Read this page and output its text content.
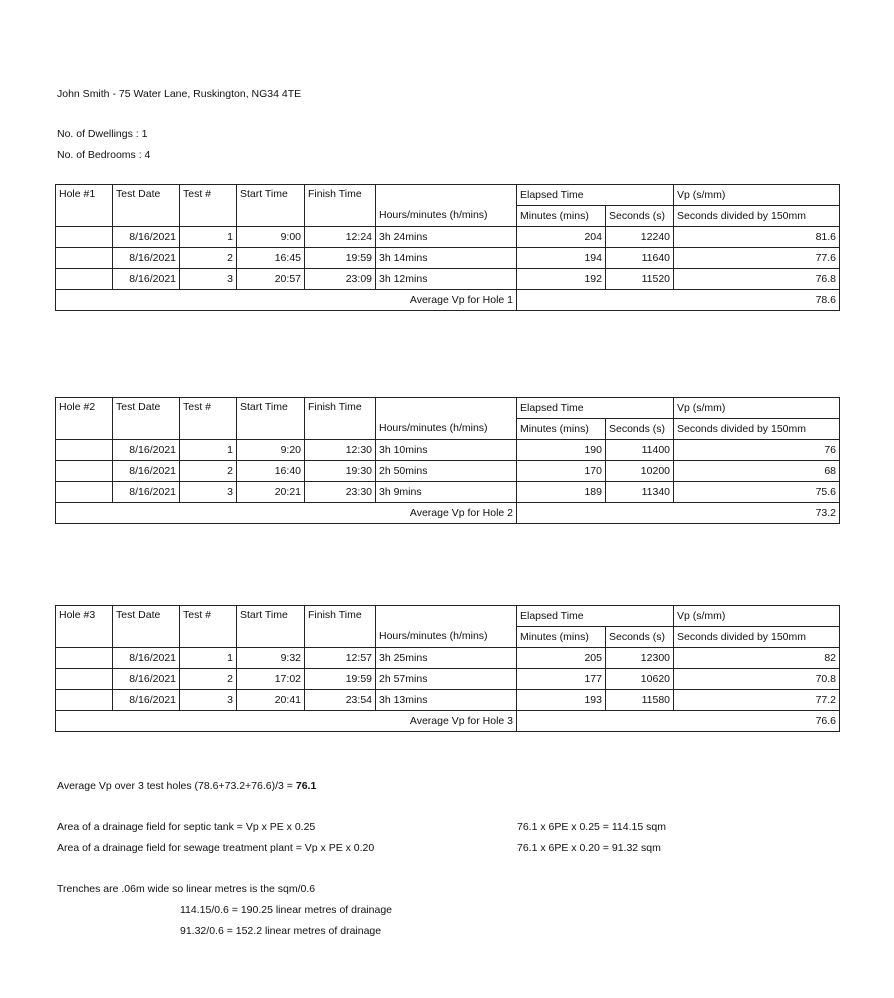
John Smith - 75 Water Lane, Ruskington, NG34 4TE
No. of Dwellings : 1
No. of Bedrooms : 4
Hole #1	Test Date	Test #	Start Time	Finish Time		Elapsed Time		Vp (s/mm)
					Hours/minutes (h/mins)	Minutes (mins)	Seconds (s)	Seconds divided by 150mm
	8/16/2021	1	9:00	12:24	3h 24mins	204	12240	81.6
	8/16/2021	2	16:45	19:59	3h 14mins	194	11640	77.6
	8/16/2021	3	20:57	23:09	3h 12mins	192	11520	76.8
Average Vp for Hole 1						78.6		
Hole #2	Test Date	Test #	Start Time	Finish Time		Elapsed Time		Vp (s/mm)
					Hours/minutes (h/mins)	Minutes (mins)	Seconds (s)	Seconds divided by 150mm
	8/16/2021	1	9:20	12:30	3h 10mins	190	11400	76
	8/16/2021	2	16:40	19:30	2h 50mins	170	10200	68
	8/16/2021	3	20:21	23:30	3h 9mins	189	11340	75.6
Average Vp for Hole 2						73.2		
Hole #3	Test Date	Test #	Start Time	Finish Time		Elapsed Time		Vp (s/mm)
					Hours/minutes (h/mins)	Minutes (mins)	Seconds (s)	Seconds divided by 150mm
	8/16/2021	1	9:32	12:57	3h 25mins	205	12300	82
	8/16/2021	2	17:02	19:59	2h 57mins	177	10620	70.8
	8/16/2021	3	20:41	23:54	3h 13mins	193	11580	77.2
Average Vp for Hole 3						76.6		
Average Vp over 3 test holes (78.6+73.2+76.6)/3 = 76.1
Area of a drainage field for septic tank = Vp x PE x 0.25	76.1 x 6PE x 0.25 = 114.15 sqm
Area of a drainage field for sewage treatment plant = Vp x PE x 0.20	76.1 x 6PE x 0.20 = 91.32 sqm
Trenches are .06m wide so linear metres is the sqm/0.6
114.15/0.6 = 190.25 linear metres of drainage
91.32/0.6 = 152.2 linear metres of drainage
